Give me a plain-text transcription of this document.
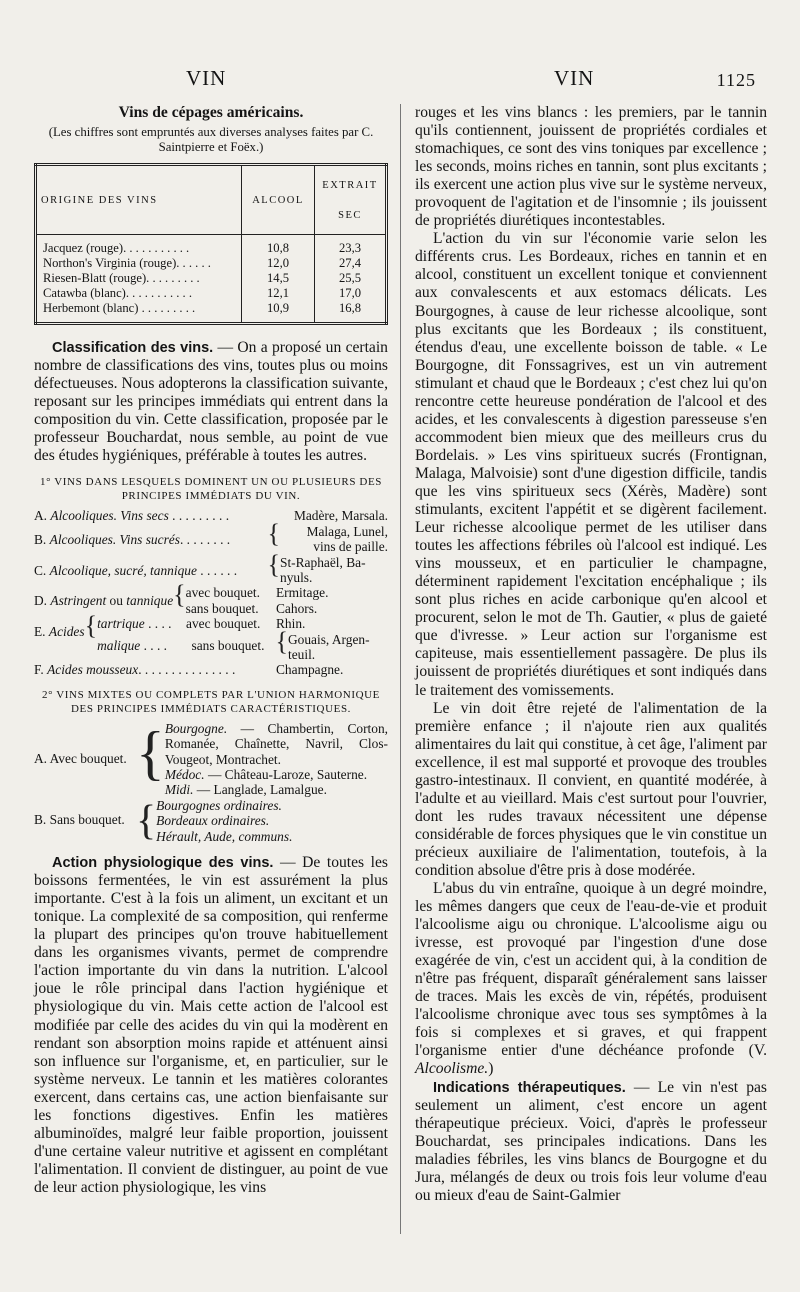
VIN	VIN	1125
Vins de cépages américains.
(Les chiffres sont empruntés aux diverses analyses faites par C. Saintpierre et Foëx.)
ORIGINE DES VINS	ALCOOL	EXTRAIT

SEC
Jacquez (rouge). . . . . . . . . . .	10,8	23,3
Northon's Virginia (rouge). . . . . .	12,0	27,4
Riesen-Blatt (rouge). . . . . . . . .	14,5	25,5
Catawba (blanc). . . . . . . . . . .	12,1	17,0
Herbemont (blanc) . . . . . . . . .	10,9	16,8

Classification des vins. — On a proposé un certain nombre de classifications des vins, toutes plus ou moins défectueuses. Nous adopterons la classification suivante, reposant sur les principes immédiats qui entrent dans la composition du vin. Cette classification, proposée par le professeur Bouchardat, nous semble, au point de vue des études hygiéniques, préférable à toutes les autres.

1° VINS DANS LESQUELS DOMINENT UN OU PLUSIEURS DES PRINCIPES IMMÉDIATS DU VIN.
A. Alcooliques. Vins secs . . . . . . . . .	Madère, Marsala.
B. Alcooliques. Vins sucrés. . . . . . . .	{	Malaga, Lunel,
vins de paille.
C. Alcoolique, sucré, tannique . . . . . .	{ St-Raphaël, Ba-
nyuls.
D. Astringent ou tannique { avec bouquet.	Ermitage.
sans bouquet.	Cahors.
E. Acides { tartrique . . . .	avec bouquet.	Rhin.
malique . . . .	sans bouquet. { Gouais, Argen-
teuil.
F. Acides mousseux. . . . . . . . . . . . . . .	Champagne.
2° VINS MIXTES OU COMPLETS PAR L'UNION HARMONIQUE DES PRINCIPES IMMÉDIATS CARACTÉRISTIQUES.
A. Avec bouquet. { Bourgogne. — Chambertin, Corton, Romanée, Chaînette, Navril, Clos-Vougeot, Montrachet.
Médoc. — Château-Laroze, Sauterne.
Midi. — Langlade, Lamalgue.
B. Sans bouquet. { Bourgognes ordinaires.
Bordeaux ordinaires.
Hérault, Aude, communs.

Action physiologique des vins. — De toutes les boissons fermentées, le vin est assurément la plus importante. C'est à la fois un aliment, un excitant et un tonique. La complexité de sa composition, qui renferme la plupart des principes qu'on trouve habituellement dans les organismes vivants, permet de comprendre l'action importante du vin dans la nutrition. L'alcool joue le rôle principal dans l'action hygiénique et physiologique du vin. Mais cette action de l'alcool est modifiée par celle des acides du vin qui la modèrent en rendant son absorption moins rapide et atténuent ainsi son influence sur l'organisme, et, en particulier, sur le système nerveux. Le tannin et les matières colorantes exercent, dans certains cas, une action bienfaisante sur les fonctions digestives. Enfin les matières albuminoïdes, malgré leur faible proportion, jouissent d'une certaine valeur nutritive et agissent en complétant l'alimentation. Il convient de distinguer, au point de vue de leur action physiologique, les vins

rouges et les vins blancs : les premiers, par le tannin qu'ils contiennent, jouissent de propriétés cordiales et stomachiques, ce sont des vins toniques par excellence ; les seconds, moins riches en tannin, sont plus excitants ; ils exercent une action plus vive sur le système nerveux, provoquent de l'agitation et de l'insomnie ; ils jouissent de propriétés diurétiques incontestables.

L'action du vin sur l'économie varie selon les différents crus. Les Bordeaux, riches en tannin et en alcool, constituent un excellent tonique et conviennent aux convalescents et aux estomacs délicats. Les Bourgognes, à cause de leur richesse alcoolique, sont plus excitants que les Bordeaux ; ils constituent, étendus d'eau, une excellente boisson de table. « Le Bourgogne, dit Fonssagrives, est un vin autrement stimulant et chaud que le Bordeaux ; c'est chez lui qu'on rencontre cette heureuse pondération de l'alcool et des acides, et les convalescents à digestion paresseuse s'en accommodent bien mieux que des meilleurs crus du Bordelais. » Les vins spiritueux sucrés (Frontignan, Malaga, Malvoisie) sont d'une digestion difficile, tandis que les vins spiritueux secs (Xérès, Madère) sont stimulants, excitent l'appétit et se digèrent facilement. Leur richesse alcoolique permet de les utiliser dans toutes les affections fébriles où l'alcool est indiqué. Les vins mousseux, et en particulier le champagne, déterminent rapidement l'excitation encéphalique ; ils sont plus riches en acide carbonique qu'en alcool et procurent, selon le mot de Th. Gautier, « plus de gaieté que d'ivresse. » Leur action sur l'organisme est capiteuse, mais essentiellement passagère. De plus ils jouissent de propriétés diurétiques et sont indiqués dans le traitement des vomissements.

Le vin doit être rejeté de l'alimentation de la première enfance ; il n'ajoute rien aux qualités alimentaires du lait qui constitue, à cet âge, l'aliment par excellence, il est mal supporté et provoque des troubles gastro-intestinaux. Il convient, en quantité modérée, à l'adulte et au vieillard. Mais c'est surtout pour l'ouvrier, dont les rudes travaux nécessitent une dépense considérable de forces physiques que le vin constitue un précieux auxiliaire de l'alimentation, toutefois, à la condition absolue d'être pris à dose modérée.

L'abus du vin entraîne, quoique à un degré moindre, les mêmes dangers que ceux de l'eau-de-vie et produit l'alcoolisme aigu ou chronique. L'alcoolisme aigu ou ivresse, est provoqué par l'ingestion d'une dose exagérée de vin, c'est un accident qui, à la condition de n'être pas fréquent, disparaît généralement sans laisser de traces. Mais les excès de vin, répétés, produisent l'alcoolisme chronique avec tous ses symptômes à la fois si complexes et si graves, et qui frappent l'organisme entier d'une déchéance profonde (V. Alcoolisme.)

Indications thérapeutiques. — Le vin n'est pas seulement un aliment, c'est encore un agent thérapeutique précieux. Voici, d'après le professeur Bouchardat, ses principales indications. Dans les maladies fébriles, les vins blancs de Bourgogne et du Jura, mélangés de deux ou trois fois leur volume d'eau ou mieux d'eau de Saint-Galmier
